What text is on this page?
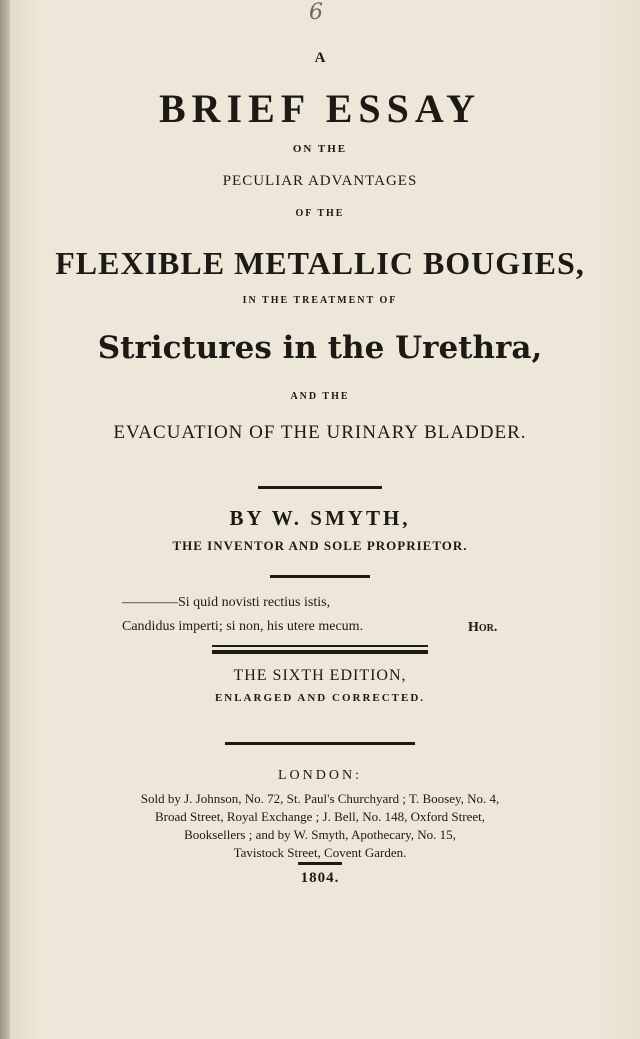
6
A
BRIEF ESSAY
ON THE
PECULIAR ADVANTAGES
OF THE
FLEXIBLE METALLIC BOUGIES,
IN THE TREATMENT OF
Strictures in the Urethra,
AND THE
EVACUATION OF THE URINARY BLADDER.
BY W. SMYTH,
THE INVENTOR AND SOLE PROPRIETOR.
————Si quid novisti rectius istis,
Candidus imperti; si non, his utere mecum.	Hor.
THE SIXTH EDITION,
ENLARGED AND CORRECTED.
LONDON:
Sold by J. Johnson, No. 72, St. Paul's Churchyard ; T. Boosey, No. 4,
Broad Street, Royal Exchange ; J. Bell, No. 148, Oxford Street,
Booksellers ; and by W. Smyth, Apothecary, No. 15,
Tavistock Street, Covent Garden.
1804.
